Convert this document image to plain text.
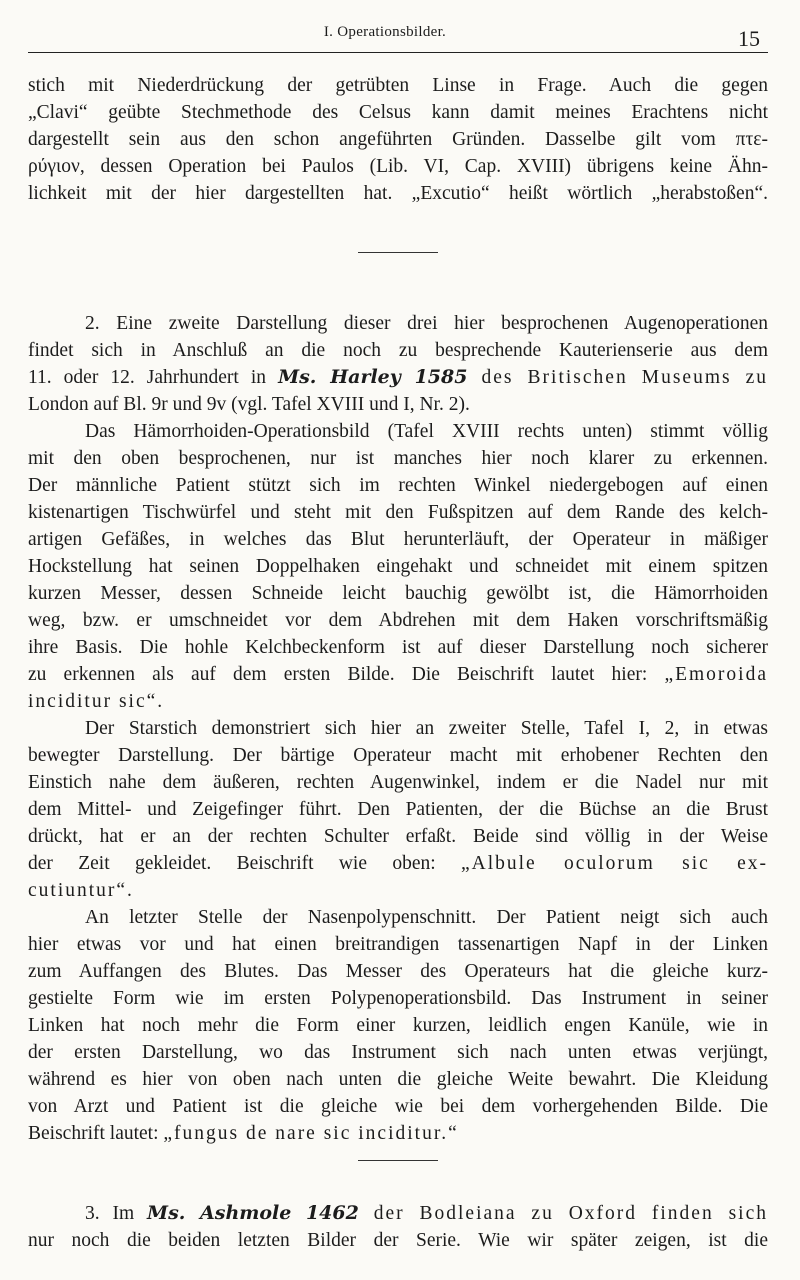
I. Operationsbilder.	15
stich mit Niederdrückung der getrübten Linse in Frage. Auch die gegen
„Clavi“ geübte Stechmethode des Celsus kann damit meines Erachtens nicht
dargestellt sein aus den schon angeführten Gründen. Dasselbe gilt vom πτε-
ρύγιον, dessen Operation bei Paulos (Lib. VI, Cap. XVIII) übrigens keine Ähn-
lichkeit mit der hier dargestellten hat. „Excutio“ heißt wörtlich „herabstoßen“.
2. Eine zweite Darstellung dieser drei hier besprochenen Augenoperationen
findet sich in Anschluß an die noch zu besprechende Kauterienserie aus dem
11. oder 12. Jahrhundert in Ms. Harley 1585 des Britischen Museums zu
London auf Bl. 9r und 9v (vgl. Tafel XVIII und I, Nr. 2).
Das Hämorrhoiden-Operationsbild (Tafel XVIII rechts unten) stimmt völlig
mit den oben besprochenen, nur ist manches hier noch klarer zu erkennen.
Der männliche Patient stützt sich im rechten Winkel niedergebogen auf einen
kistenartigen Tischwürfel und steht mit den Fußspitzen auf dem Rande des kelch-
artigen Gefäßes, in welches das Blut herunterläuft, der Operateur in mäßiger
Hockstellung hat seinen Doppelhaken eingehakt und schneidet mit einem spitzen
kurzen Messer, dessen Schneide leicht bauchig gewölbt ist, die Hämorrhoiden
weg, bzw. er umschneidet vor dem Abdrehen mit dem Haken vorschriftsmäßig
ihre Basis. Die hohle Kelchbeckenform ist auf dieser Darstellung noch sicherer
zu erkennen als auf dem ersten Bilde. Die Beischrift lautet hier: „Emoroida
inciditur sic“.
Der Starstich demonstriert sich hier an zweiter Stelle, Tafel I, 2, in etwas
bewegter Darstellung. Der bärtige Operateur macht mit erhobener Rechten den
Einstich nahe dem äußeren, rechten Augenwinkel, indem er die Nadel nur mit
dem Mittel- und Zeigefinger führt. Den Patienten, der die Büchse an die Brust
drückt, hat er an der rechten Schulter erfaßt. Beide sind völlig in der Weise
der Zeit gekleidet. Beischrift wie oben: „Albule oculorum sic ex-
cutiuntur“.
An letzter Stelle der Nasenpolypenschnitt. Der Patient neigt sich auch
hier etwas vor und hat einen breitrandigen tassenartigen Napf in der Linken
zum Auffangen des Blutes. Das Messer des Operateurs hat die gleiche kurz-
gestielte Form wie im ersten Polypenoperationsbild. Das Instrument in seiner
Linken hat noch mehr die Form einer kurzen, leidlich engen Kanüle, wie in
der ersten Darstellung, wo das Instrument sich nach unten etwas verjüngt,
während es hier von oben nach unten die gleiche Weite bewahrt. Die Kleidung
von Arzt und Patient ist die gleiche wie bei dem vorhergehenden Bilde. Die
Beischrift lautet: „fungus de nare sic inciditur.“
3. Im Ms. Ashmole 1462 der Bodleiana zu Oxford finden sich
nur noch die beiden letzten Bilder der Serie. Wie wir später zeigen, ist die
